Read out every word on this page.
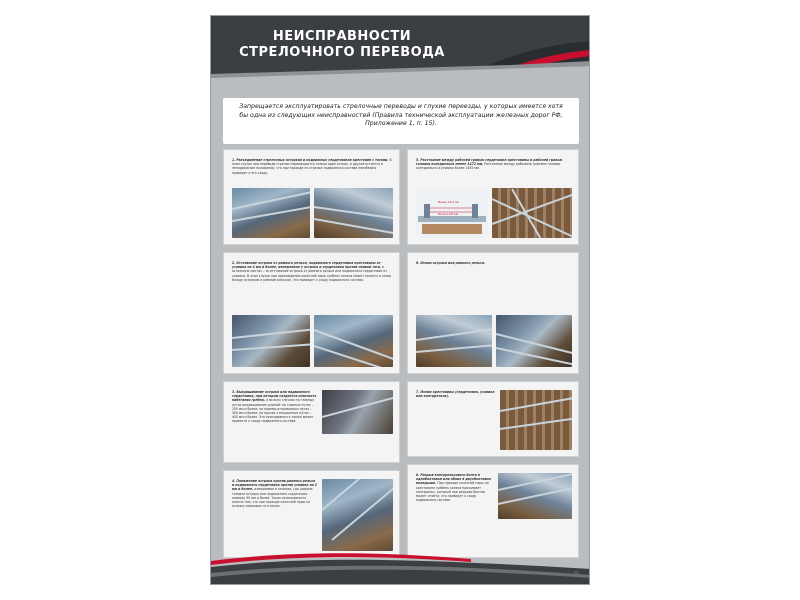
НЕИСПРАВНОСТИ
СТРЕЛОЧНОГО ПЕРЕВОДА
Запрещается эксплуатировать стрелочные переводы и глухие переезды, у которых имеется хотя бы одна из следующих неисправностей (Правила технической эксплуатации железных дорог РФ, Приложение 1, п. 15).
1. Разъединение стрелочных остряков и подвижных сердечников крестовин с тягами. В этом случае при переводе стрелки перемещается только один остряк, а другой остается в неподвижном положении, что при проходе по стрелке подвижного состава неизбежно приведет к его сходу.
5. Расстояние между рабочей гранью сердечника крестовины и рабочей гранью головки контррельса менее 1472 мм. Расстояние между рабочими гранями головок контррельса и усовика более 1435 мм.
Менее 1472 мм
Более 1435 мм
2. Отставание остряка от рамного рельса, подвижного сердечника крестовины от усовика на 4 мм и более, измеряемое у остряка и сердечника против первой тяги, в остальных местах – за отставание остряка от рамного рельса или подвижного сердечника от усовика. В этом случае при прохождении колесной пары гребень колеса может попасть в зазор между остряком и рамным рельсом, что приведет к сходу подвижного состава.
6. Излом остряка или рамного рельса.
3. Выкрашивание остряка или подвижного сердечника, при котором создается опасность набегания гребня, а во всех случаях на главных путях выкрашивание длиной: на главных путях – 200 мм и более; на приемо-отправочных путях – 300 мм и более; на прочих станционных путях – 400 мм и более. Эта неисправность также может привести к сходу подвижного состава.
7. Излом крестовины (сердечника, усовика или контррельса).
4. Понижение остряка против рамного рельса и подвижного сердечника против усовика на 2 мм и более, измеряемое в сечении, где ширина головки остряка или подвижного сердечника поверху 50 мм и более. Такая неисправность опасна тем, что при проходе колесной пары по остряку возможен его излом.
8. Разрыв контррельсового болта в одноболтовом или обоих в двухболтовом вкладыше. При проходе колесной пары по крестовине гребень колеса прижимает контррельс, который при разрыве болтов может отойти, что приведет к сходу подвижного состава.
